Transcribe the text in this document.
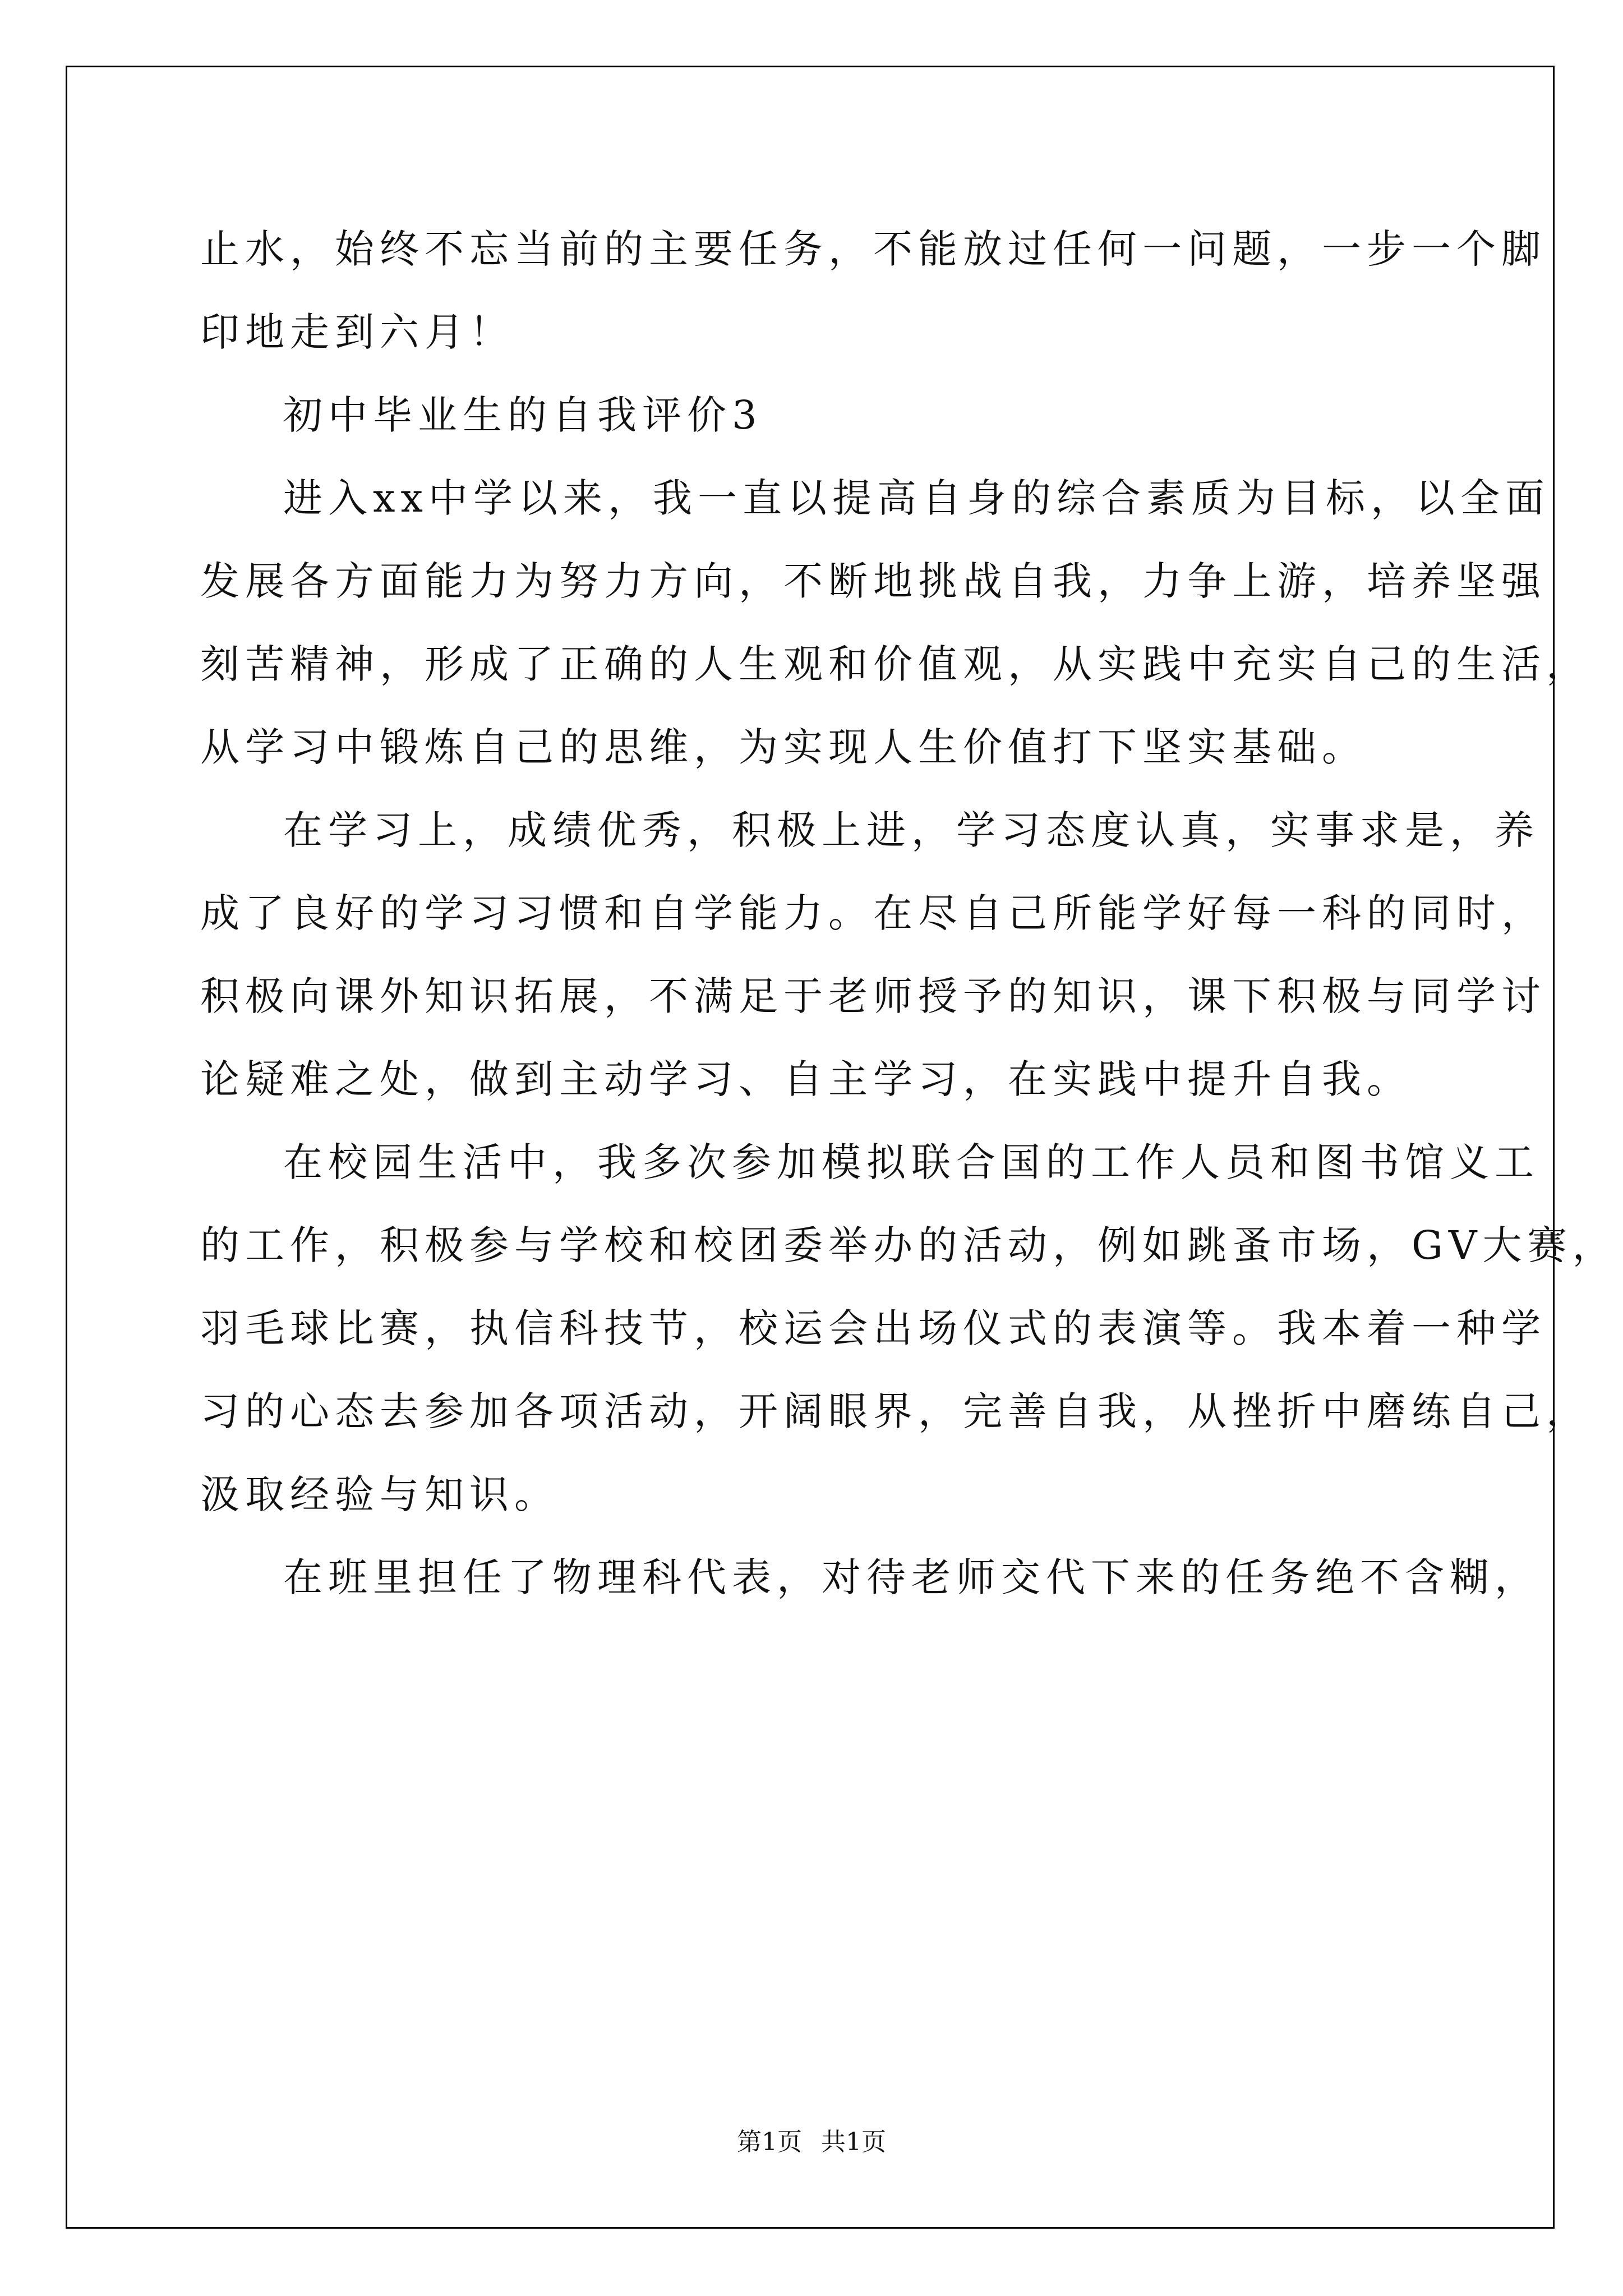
止水，始终不忘当前的主要任务，不能放过任何一问题，一步一个脚
印地走到六月！
初中毕业生的自我评价3
进入xx中学以来，我一直以提高自身的综合素质为目标，以全面
发展各方面能力为努力方向，不断地挑战自我，力争上游，培养坚强
刻苦精神，形成了正确的人生观和价值观，从实践中充实自己的生活，
从学习中锻炼自己的思维，为实现人生价值打下坚实基础。
在学习上，成绩优秀，积极上进，学习态度认真，实事求是，养
成了良好的学习习惯和自学能力。在尽自己所能学好每一科的同时，
积极向课外知识拓展，不满足于老师授予的知识，课下积极与同学讨
论疑难之处，做到主动学习、自主学习，在实践中提升自我。
在校园生活中，我多次参加模拟联合国的工作人员和图书馆义工
的工作，积极参与学校和校团委举办的活动，例如跳蚤市场，GV大赛，
羽毛球比赛，执信科技节，校运会出场仪式的表演等。我本着一种学
习的心态去参加各项活动，开阔眼界，完善自我，从挫折中磨练自己，
汲取经验与知识。
在班里担任了物理科代表，对待老师交代下来的任务绝不含糊，
第1页 共1页
